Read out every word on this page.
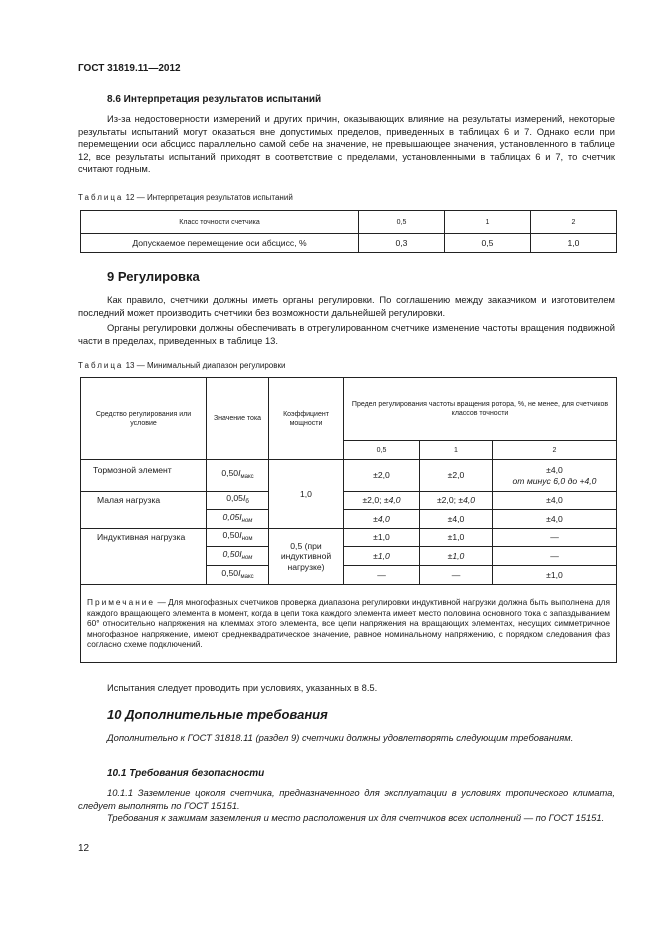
ГОСТ 31819.11—2012
8.6 Интерпретация результатов испытаний

Из-за недостоверности измерений и других причин, оказывающих влияние на результаты измерений, некоторые результаты испытаний могут оказаться вне допустимых пределов, приведенных в таблицах 6 и 7. Однако если при перемещении оси абсцисс параллельно самой себе на значение, не превышающее значения, установленного в таблице 12, все результаты испытаний приходят в соответствие с пределами, установленными в таблицах 6 и 7, то счетчик считают годным.

Таблица 12 — Интерпретация результатов испытаний
Класс точности счетчика	0,5	1	2
Допускаемое перемещение оси абсцисс, %	0,3	0,5	1,0
9 Регулировка

Как правило, счетчики должны иметь органы регулировки. По соглашению между заказчиком и изготовителем последний может производить счетчики без возможности дальнейшей регулировки.

Органы регулировки должны обеспечивать в отрегулированном счетчике изменение частоты вращения подвижной части в пределах, приведенных в таблице 13.

Таблица 13 — Минимальный диапазон регулировки
Средство регулирования или условие	Значение тока	Коэффициент мощности	Предел регулирования частоты вращения ротора, %, не менее, для счетчиков классов точности		
			0,5	1	2
Тормозной элемент	$0,50I_{макс}$	1,0	±2,0	±2,0	±4,0
от минус 6,0 до +4,0
Малая нагрузка	$0,05I_б$		±2,0; ±4,0	±2,0; ±4,0	±4,0
	$0,05I_{ном}$		±4,0	±4,0	±4,0
Индуктивная нагрузка	$0,50I_{ном}$	0,5 (при индуктивной нагрузке)	±1,0	±1,0	—
	$0,50I_{ном}$		±1,0	±1,0	—
	$0,50I_{макс}$		—	—	±1,0
Примечание — Для многофазных счетчиков проверка диапазона регулировки индуктивной нагрузки должна быть выполнена для каждого вращающего элемента в момент, когда в цепи тока каждого элемента имеет место половина основного тока с запаздыванием 60° относительно напряжения на клеммах этого элемента, все цепи напряжения на вращающих элементах, несущих симметричное многофазное напряжение, имеют среднеквадратическое значение, равное номинальному напряжению, с порядком следования фаз согласно схеме подключений.					

Испытания следует проводить при условиях, указанных в 8.5.

10 Дополнительные требования

Дополнительно к ГОСТ 31818.11 (раздел 9) счетчики должны удовлетворять следующим требованиям.

10.1 Требования безопасности

10.1.1 Заземление цоколя счетчика, предназначенного для эксплуатации в условиях тропического климата, следует выполнять по ГОСТ 15151.

Требования к зажимам заземления и место расположения их для счетчиков всех исполнений — по ГОСТ 15151.

12
